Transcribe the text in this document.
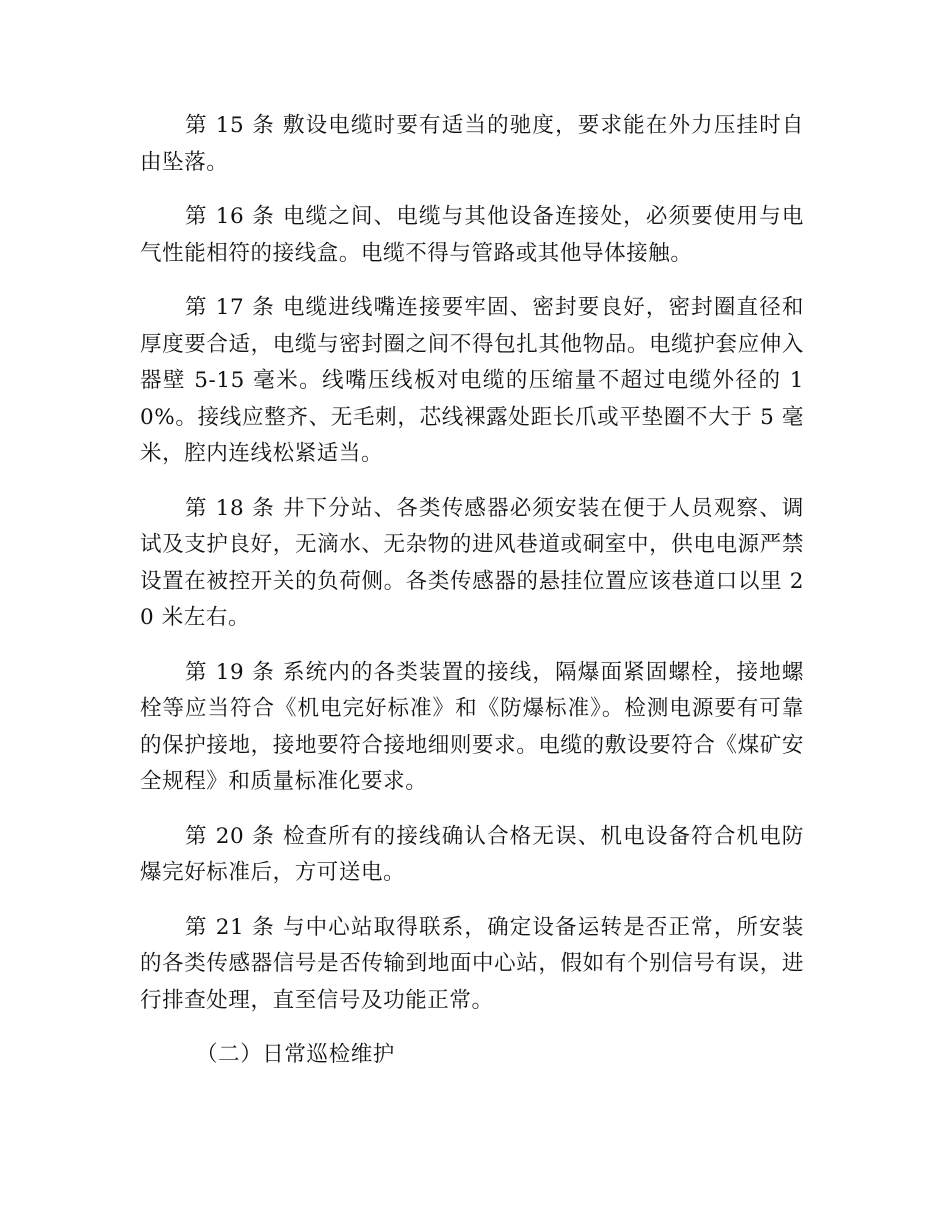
第 15 条 敷设电缆时要有适当的驰度，要求能在外力压挂时自由坠落。

第 16 条 电缆之间、电缆与其他设备连接处，必须要使用与电气性能相符的接线盒。电缆不得与管路或其他导体接触。

第 17 条 电缆进线嘴连接要牢固、密封要良好，密封圈直径和厚度要合适，电缆与密封圈之间不得包扎其他物品。电缆护套应伸入器壁 5-15 毫米。线嘴压线板对电缆的压缩量不超过电缆外径的 10%。接线应整齐、无毛刺，芯线裸露处距长爪或平垫圈不大于 5 毫米，腔内连线松紧适当。

第 18 条 井下分站、各类传感器必须安装在便于人员观察、调试及支护良好，无滴水、无杂物的进风巷道或硐室中，供电电源严禁设置在被控开关的负荷侧。各类传感器的悬挂位置应该巷道口以里 20 米左右。

第 19 条 系统内的各类装置的接线，隔爆面紧固螺栓，接地螺栓等应当符合《机电完好标准》和《防爆标准》。检测电源要有可靠的保护接地，接地要符合接地细则要求。电缆的敷设要符合《煤矿安全规程》和质量标准化要求。

第 20 条 检查所有的接线确认合格无误、机电设备符合机电防爆完好标准后，方可送电。

第 21 条 与中心站取得联系，确定设备运转是否正常，所安装的各类传感器信号是否传输到地面中心站，假如有个别信号有误，进行排查处理，直至信号及功能正常。

（二）日常巡检维护
